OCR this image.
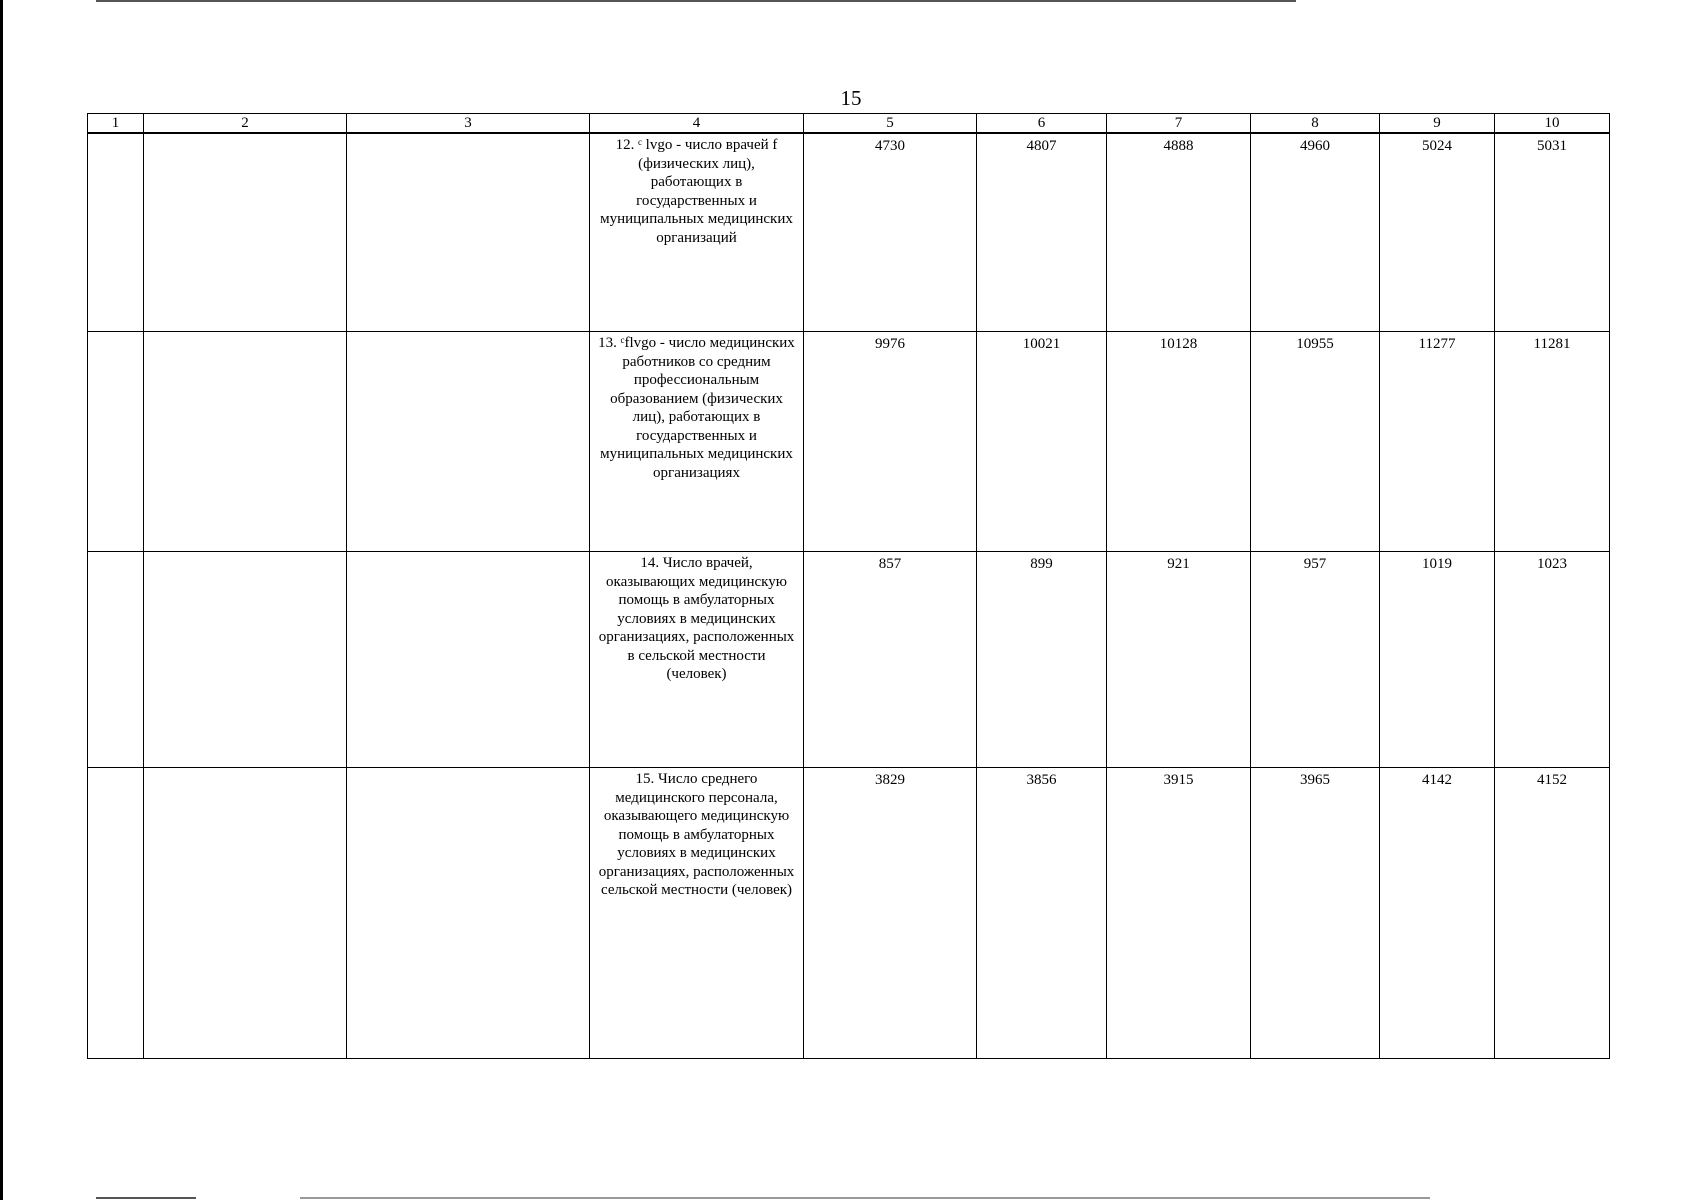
15
1	2	3	4	5	6	7	8	9	10
			12. ᶜ lvgo - число врачей f (физических лиц), работающих в государственных и муниципальных медицинских организаций	4730	4807	4888	4960	5024	5031
			13. ᶜflvgo - число медицинских работников со средним профессиональным образованием (физических лиц), работающих в государственных и муниципальных медицинских организациях	9976	10021	10128	10955	11277	11281
			14. Число врачей, оказывающих медицинскую помощь в амбулаторных условиях в медицинских организациях, расположенных в сельской местности (человек)	857	899	921	957	1019	1023
			15. Число среднего медицинского персонала, оказывающего медицинскую помощь в амбулаторных условиях в медицинских организациях, расположенных сельской местности (человек)	3829	3856	3915	3965	4142	4152
